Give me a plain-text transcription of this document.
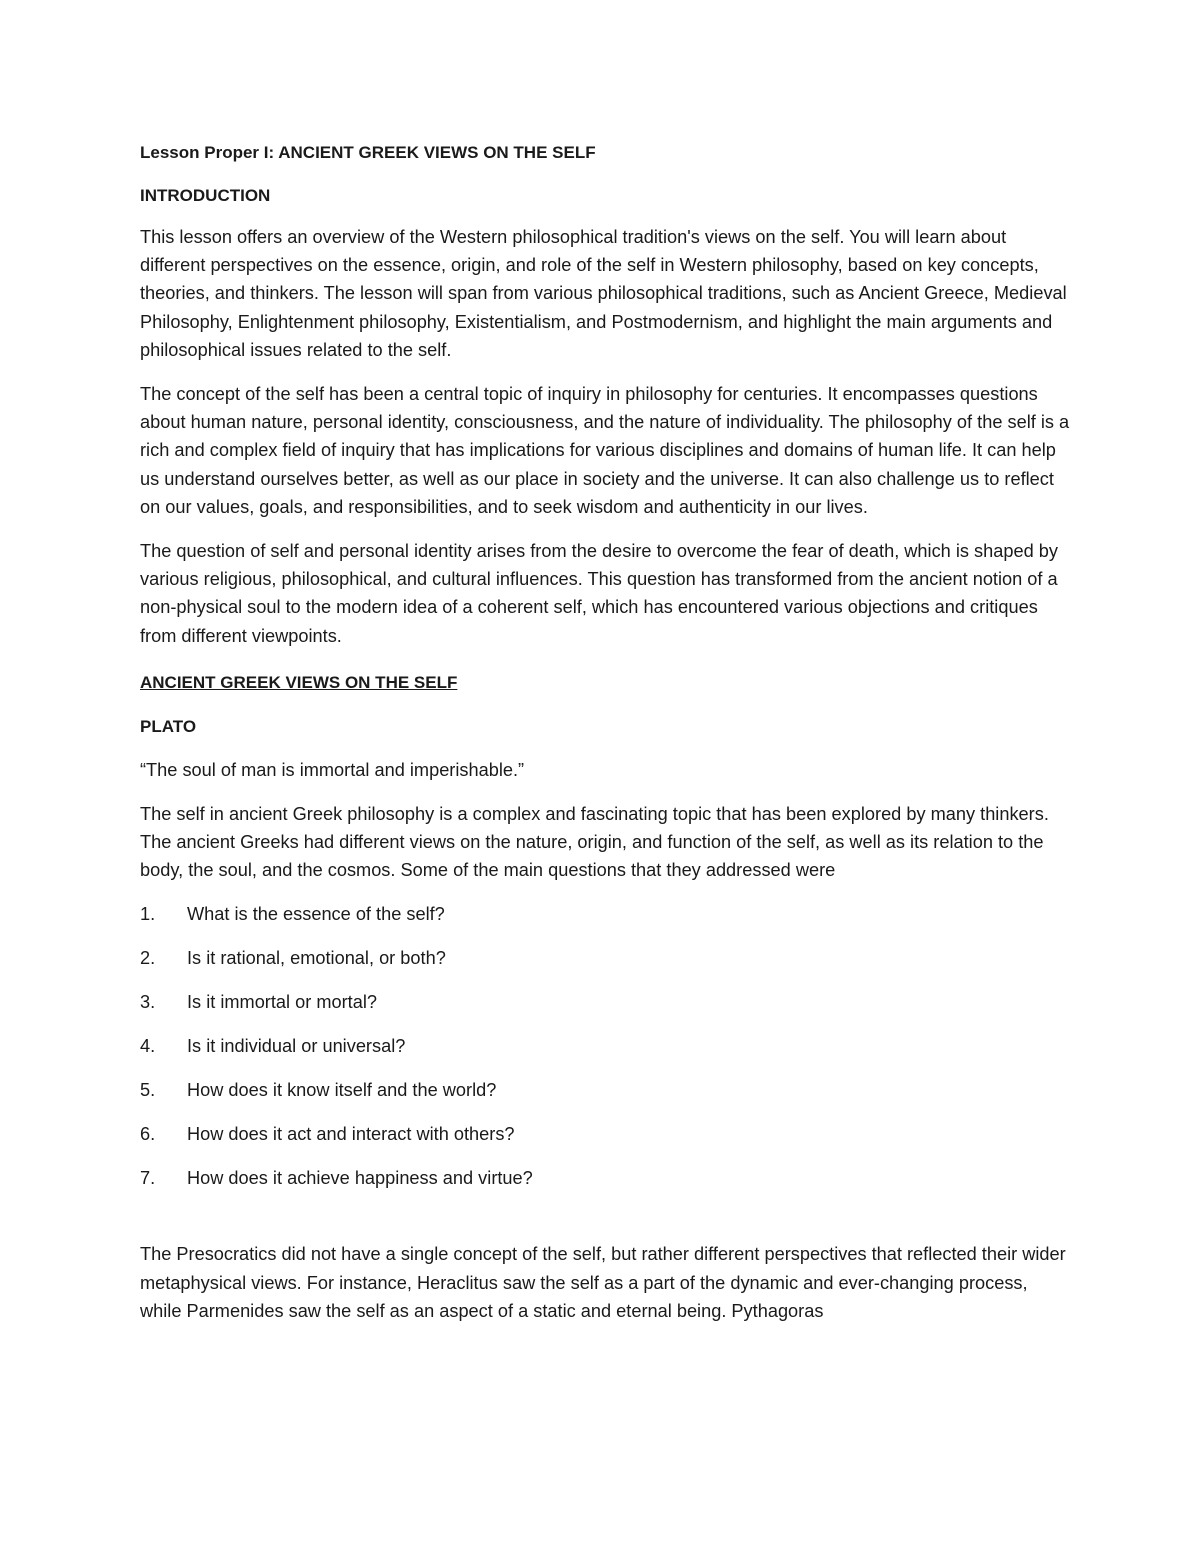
Lesson Proper I: ANCIENT GREEK VIEWS ON THE SELF
INTRODUCTION

This lesson offers an overview of the Western philosophical tradition's views on the self. You will learn about different perspectives on the essence, origin, and role of the self in Western philosophy, based on key concepts, theories, and thinkers. The lesson will span from various philosophical traditions, such as Ancient Greece, Medieval Philosophy, Enlightenment philosophy, Existentialism, and Postmodernism, and highlight the main arguments and philosophical issues related to the self.

The concept of the self has been a central topic of inquiry in philosophy for centuries. It encompasses questions about human nature, personal identity, consciousness, and the nature of individuality. The philosophy of the self is a rich and complex field of inquiry that has implications for various disciplines and domains of human life. It can help us understand ourselves better, as well as our place in society and the universe. It can also challenge us to reflect on our values, goals, and responsibilities, and to seek wisdom and authenticity in our lives.

The question of self and personal identity arises from the desire to overcome the fear of death, which is shaped by various religious, philosophical, and cultural influences. This question has transformed from the ancient notion of a non-physical soul to the modern idea of a coherent self, which has encountered various objections and critiques from different viewpoints.

ANCIENT GREEK VIEWS ON THE SELF
PLATO
“The soul of man is immortal and imperishable.”

The self in ancient Greek philosophy is a complex and fascinating topic that has been explored by many thinkers. The ancient Greeks had different views on the nature, origin, and function of the self, as well as its relation to the body, the soul, and the cosmos. Some of the main questions that they addressed were

1.	What is the essence of the self?
2.	Is it rational, emotional, or both?
3.	Is it immortal or mortal?
4.	Is it individual or universal?
5.	How does it know itself and the world?
6.	How does it act and interact with others?
7.	How does it achieve happiness and virtue?

The Presocratics did not have a single concept of the self, but rather different perspectives that reflected their wider metaphysical views. For instance, Heraclitus saw the self as a part of the dynamic and ever-changing process, while Parmenides saw the self as an aspect of a static and eternal being. Pythagoras
